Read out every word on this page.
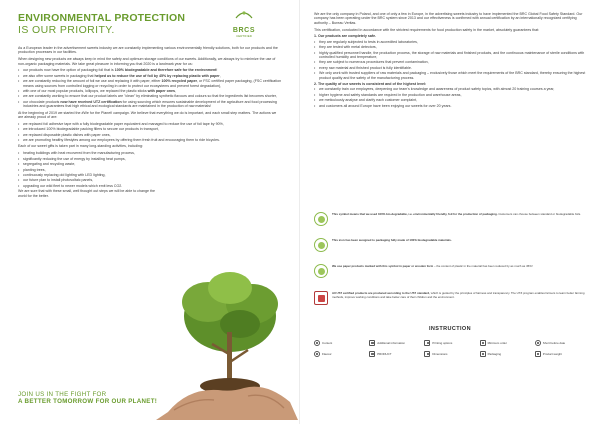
ENVIRONMENTAL PROTECTION
IS OUR PRIORITY.	BRCS
CERTIFIED

As a European leader in the advertisement sweets industry we are constantly implementing various environmentally friendly solutions, both for our products and the production processes in our facilities.

When designing new products we always keep in mind the safety and optimum storage conditions of our sweets. Additionally, we always try to minimize the use of non-organic packaging materials. We take great pleasure in informing you that 2020 is a landmark year for us:

• our products now have the option of packaging foil that is 100% biodegradable and therefore safe for the environment!
• we also offer some sweets in packaging that helped us to reduce the use of foil by 45% by replacing plastic with paper,
• we are constantly reducing the amount of foil we use and replacing it with paper, either 100% recycled paper, or FSC certified paper packaging, (FSC certification means using sources from controlled logging or recycling in order to protect our ecosystems and prevent forest degradation),
• with one of our most popular products, lollipops, we replaced the plastic sticks with paper ones,
• we are constantly working to ensure that our product labels are "clean" by eliminating synthetic flavours and colours so that the ingredients list becomes shorter,
• our chocolate products now have received UTZ certification for using sourcing which ensures sustainable development of the agriculture and food processing industries and guarantees that high ethical and ecological standards are maintained in the production of raw materials!

At the beginning of 2019 we started the #We for the Planet! campaign. We believe that everything we do is important, and each small step matters. The actions we are already proud of are:

• we replaced foil adhesive tape with a fully biodegradable paper equivalent and managed to reduce the use of foil tape by 90%,
• we introduced 100% biodegradable packing fillers to secure our products in transport,
• we replaced disposable plastic dishes with paper ones,
• we are promoting healthy lifestyles among our employees by offering them fresh fruit and encouraging them to ride bicycles.

Each of our sweet gifts is taken part in many long-standing activities, including:

• heating buildings with heat recovered from the manufacturing process,
• significantly reducing the use of energy by installing heat pumps,
• segregating and recycling waste,
• planting trees,
• continuously replacing old lighting with LED lighting,
• our future plan to install photovoltaic panels,
• upgrading our wild fleet to newer models which emit less CO2.

We are sure that with these small, well thought out steps we will be able to change the world for the better.

JOIN US IN THE FIGHT FOR
A BETTER TOMORROW FOR OUR PLANET!

We are the only company in Poland, and one of only a few in Europe, in the advertising sweets industry to have implemented the BRC Global Food Safety Standard. Our company has been operating under the BRC system since 2013 and our effectiveness is confirmed with annual certification by an internationally recognized certifying authority – Bureau Veritas.

This certification, conducted in accordance with the strictest requirements for food production safety in the market, absolutely guarantees that:

1. Our products are completely safe.

• they are regularly subjected to tests in accredited laboratories,
• they are tested with metal detectors,
• highly qualified personnel handle, the production process, the storage of raw materials and finished products, and the continuous maintenance of sterile conditions with controlled humidity and temperature,
• they are subject to numerous procedures that prevent contamination,
• every raw material and finished product is fully identifiable.
• We only work with trusted suppliers of raw materials and packaging – exclusively those which meet the requirements of the BRC standard, thereby ensuring the highest product quality and the safety of the manufacturing process.

2. The quality of our sweets is consistent and of the highest level:

• we constantly train our employees, deepening our team's knowledge and awareness of product safety topics, with almost 20 training courses a year,
• higher hygiene and safety standards are required in the production and warehouse areas,
• we meticulously analyse and clarify each customer complaint,
• and customers all around Europe have been enjoying our sweets for over 20 years.
This symbol means that we used 100% bio-degradable, i.e. environmentally friendly, foil for the production of packaging. Customers can choose between standard or biodegradable foils.
This icon has been assigned to packaging fully made of 100% biodegradable materials.
We use paper products marked with this symbol in paper or wooden form – the content of plastic in the material has been reduced by as much as 45%!
All UTZ certified products are produced according to the UTZ standard, which is guided by the principles of fairness and transparency. The UTZ program enables farmers to learn better farming methods, improve working conditions and take better care of their children and the environment.
INSTRUCTION
Content	Additional information	Printing options	Minimum order	Short before date
Flavour	PRODUCT	Dimensions	Packaging	Product weight
